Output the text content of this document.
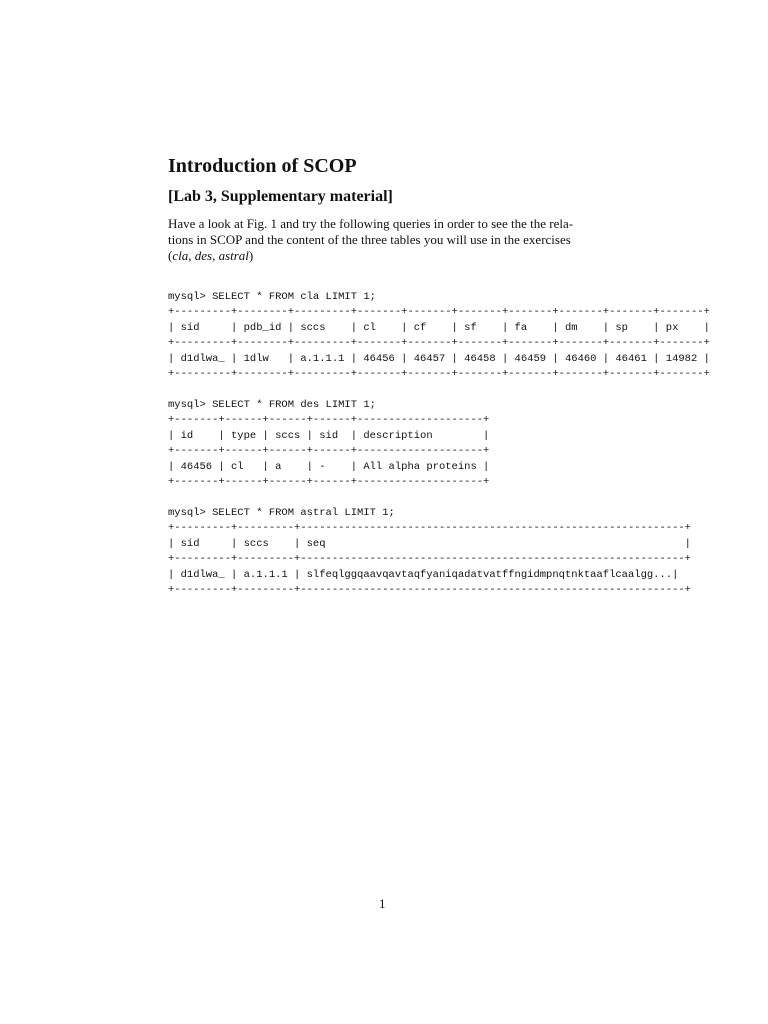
Introduction of SCOP
[Lab 3, Supplementary material]
Have a look at Fig. 1 and try the following queries in order to see the the rela-
tions in SCOP and the content of the three tables you will use in the exercises
(cla, des, astral)
mysql> SELECT * FROM cla LIMIT 1;
+---------+--------+---------+-------+-------+-------+-------+-------+-------+-------+
| sid     | pdb_id | sccs    | cl    | cf    | sf    | fa    | dm    | sp    | px    |
+---------+--------+---------+-------+-------+-------+-------+-------+-------+-------+
| d1dlwa_ | 1dlw   | a.1.1.1 | 46456 | 46457 | 46458 | 46459 | 46460 | 46461 | 14982 |
+---------+--------+---------+-------+-------+-------+-------+-------+-------+-------+
mysql> SELECT * FROM des LIMIT 1;
+-------+------+------+------+--------------------+
| id    | type | sccs | sid  | description        |
+-------+------+------+------+--------------------+
| 46456 | cl   | a    | -    | All alpha proteins |
+-------+------+------+------+--------------------+
mysql> SELECT * FROM astral LIMIT 1;
+---------+---------+-------------------------------------------------------------+
| sid     | sccs    | seq                                                         |
+---------+---------+-------------------------------------------------------------+
| d1dlwa_ | a.1.1.1 | slfeqlggqaavqavtaqfyaniqadatvatffngidmpnqtnktaaflcaalgg...|
+---------+---------+-------------------------------------------------------------+
1
